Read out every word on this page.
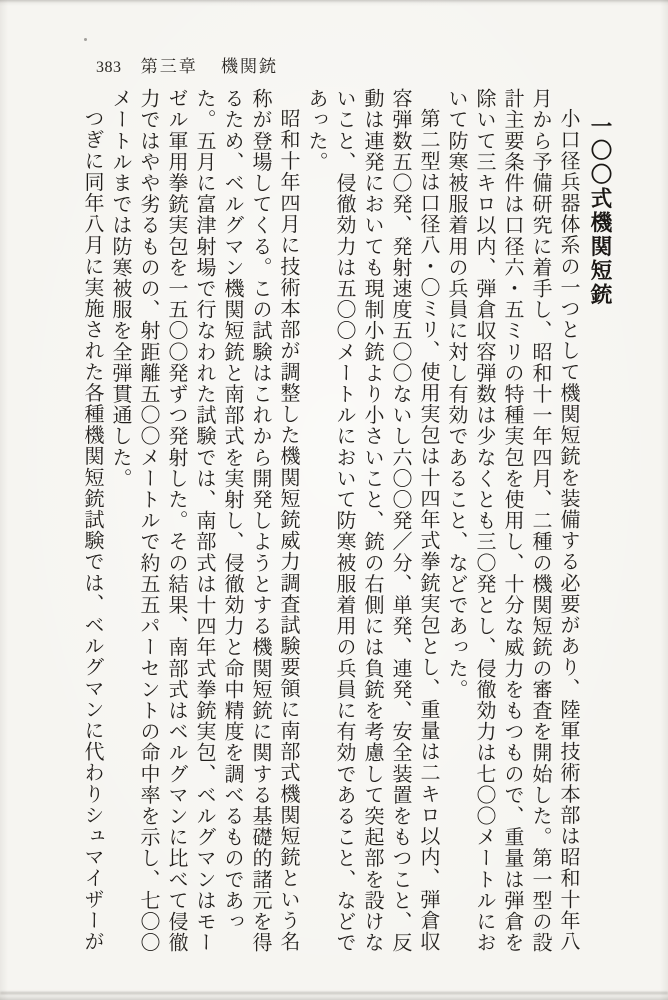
383 第三章 機関銃
一〇〇式機関短銃

小口径兵器体系の一つとして機関短銃を装備する必要があり、陸軍技術本部は昭和十年八月から予備研究に着手し、昭和十一年四月、二種の機関短銃の審査を開始した。第一型の設計主要条件は口径六・五ミリの特種実包を使用し、十分な威力をもつもので、重量は弾倉を除いて三キロ以内、弾倉収容弾数は少なくとも三〇発とし、侵徹効力は七〇〇メートルにおいて防寒被服着用の兵員に対し有効であること、などであった。

第二型は口径八・〇ミリ、使用実包は十四年式拳銃実包とし、重量は二キロ以内、弾倉収容弾数五〇発、発射速度五〇〇ないし六〇〇発／分、単発、連発、安全装置をもつこと、反動は連発においても現制小銃より小さいこと、銃の右側には負銃を考慮して突起部を設けないこと、侵徹効力は五〇〇メートルにおいて防寒被服着用の兵員に有効であること、などであった。

昭和十年四月に技術本部が調整した機関短銃威力調査試験要領に南部式機関短銃という名称が登場してくる。この試験はこれから開発しようとする機関短銃に関する基礎的諸元を得るため、ベルグマン機関短銃と南部式を実射し、侵徹効力と命中精度を調べるものであった。五月に富津射場で行なわれた試験では、南部式は十四年式拳銃実包、ベルグマンはモーゼル軍用拳銃実包を一五〇〇発ずつ発射した。その結果、南部式はベルグマンに比べて侵徹力ではやや劣るものの、射距離五〇〇メートルで約五五パーセントの命中率を示し、七〇〇メートルまでは防寒被服を全弾貫通した。

つぎに同年八月に実施された各種機関短銃試験では、ベルグマンに代わりシュマイザーが
